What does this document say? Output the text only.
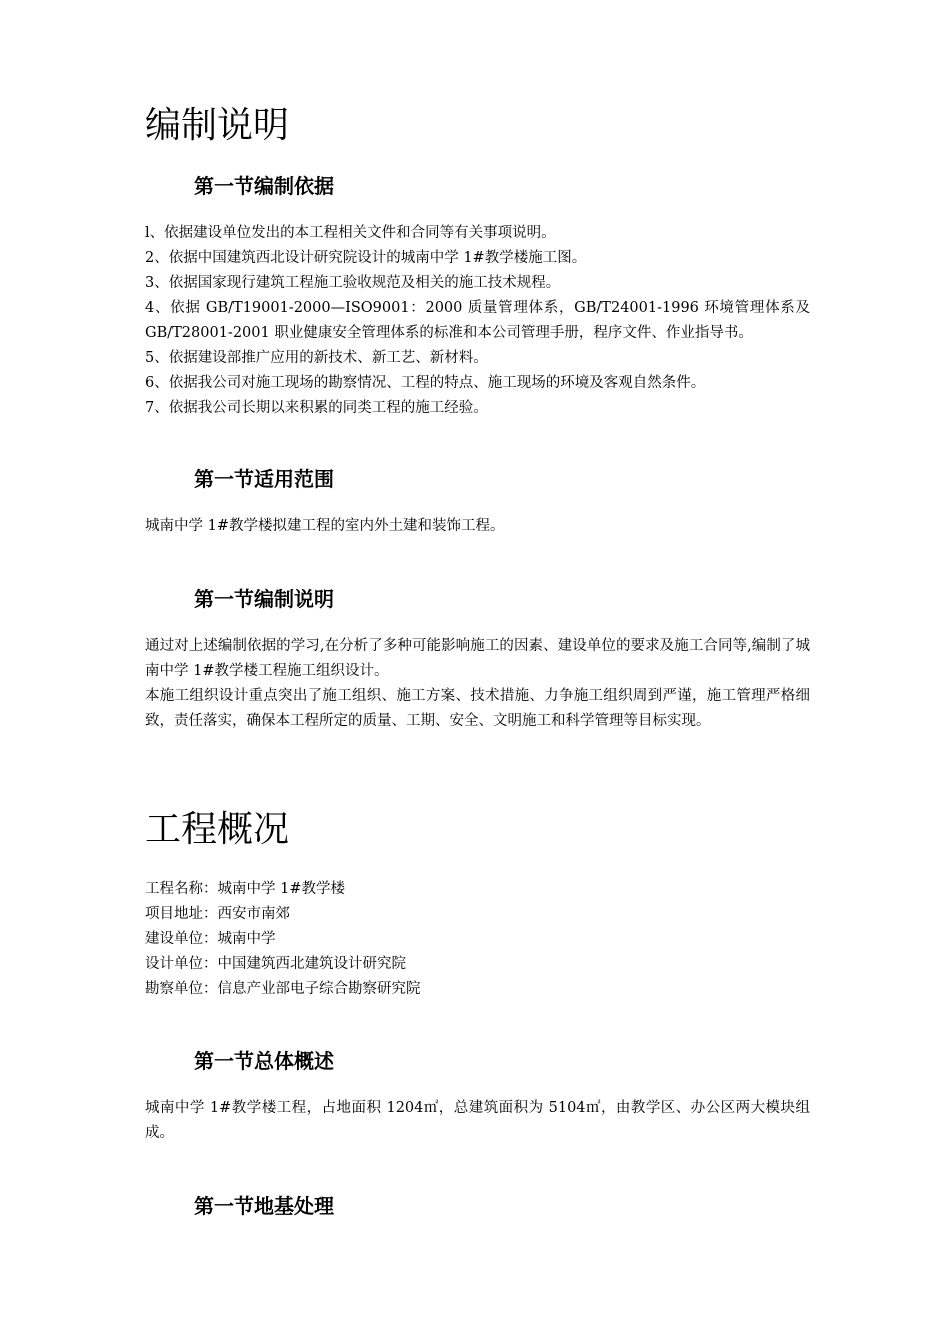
编制说明
第一节编制依据

l、依据建设单位发出的本工程相关文件和合同等有关事项说明。

2、依据中国建筑西北设计研究院设计的城南中学 1#教学楼施工图。

3、依据国家现行建筑工程施工验收规范及相关的施工技术规程。

4、依据 GB/T19001-2000—ISO9001：2000 质量管理体系，GB/T24001-1996 环境管理体系及 GB/T28001-2001 职业健康安全管理体系的标准和本公司管理手册，程序文件、作业指导书。

5、依据建设部推广应用的新技术、新工艺、新材料。

6、依据我公司对施工现场的勘察情况、工程的特点、施工现场的环境及客观自然条件。

7、依据我公司长期以来积累的同类工程的施工经验。

第一节适用范围

城南中学 1#教学楼拟建工程的室内外土建和装饰工程。

第一节编制说明

通过对上述编制依据的学习,在分析了多种可能影响施工的因素、建设单位的要求及施工合同等,编制了城南中学 1#教学楼工程施工组织设计。

本施工组织设计重点突出了施工组织、施工方案、技术措施、力争施工组织周到严谨，施工管理严格细致，责任落实，确保本工程所定的质量、工期、安全、文明施工和科学管理等目标实现。

工程概况

工程名称：城南中学 1#教学楼

项目地址：西安市南郊

建设单位：城南中学

设计单位：中国建筑西北建筑设计研究院

勘察单位：信息产业部电子综合勘察研究院

第一节总体概述

城南中学 1#教学楼工程，占地面积 1204㎡，总建筑面积为 5104㎡，由教学区、办公区两大模块组成。

第一节地基处理
